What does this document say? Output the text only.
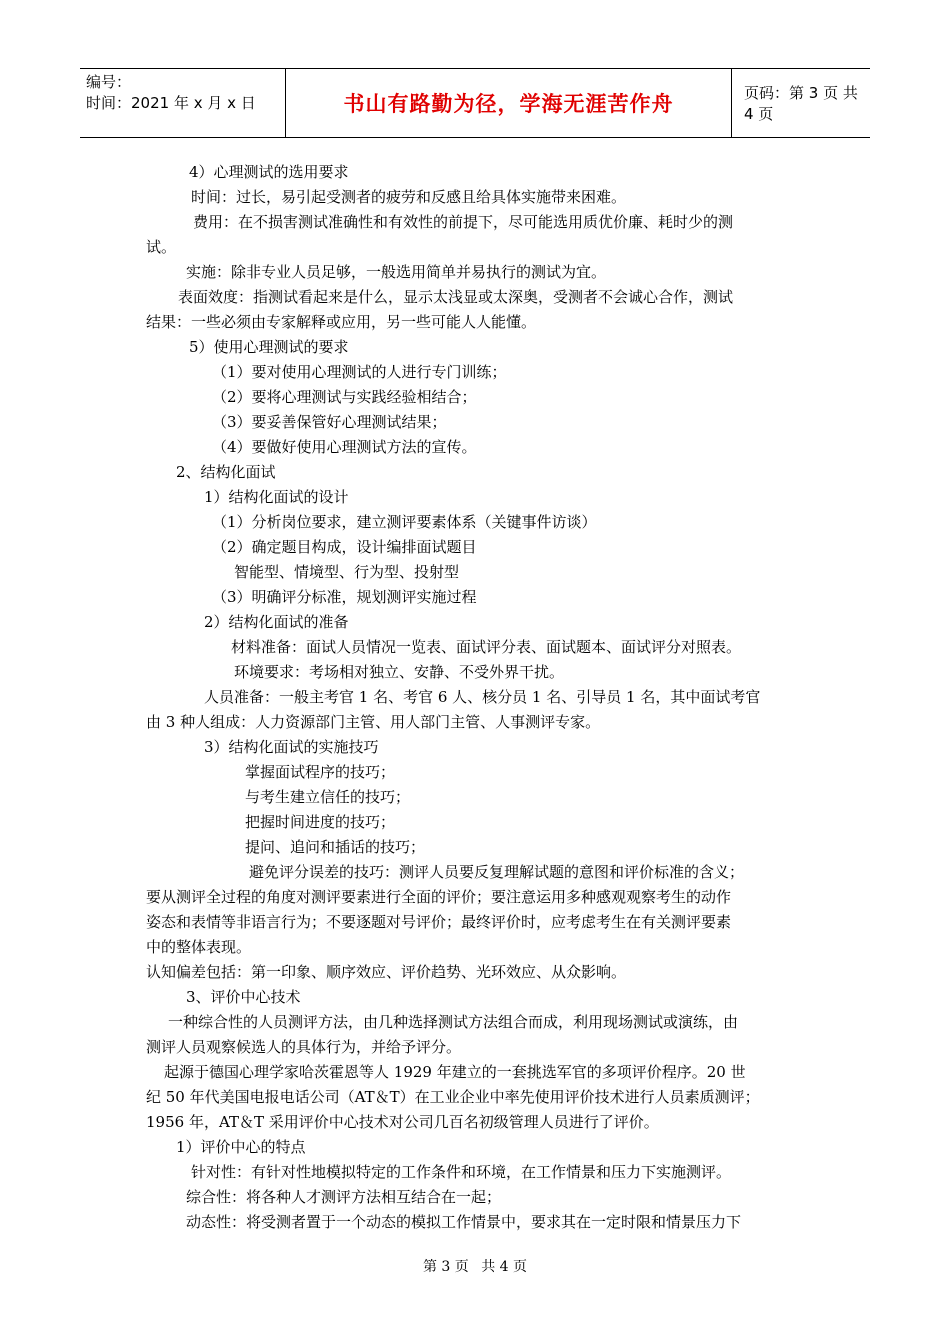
编号：
时间：2021 年 x 月 x 日	书山有路勤为径，学海无涯苦作舟	页码：第 3 页 共 4 页
4）心理测试的选用要求
时间：过长，易引起受测者的疲劳和反感且给具体实施带来困难。
费用：在不损害测试准确性和有效性的前提下，尽可能选用质优价廉、耗时少的测
试。
实施：除非专业人员足够，一般选用简单并易执行的测试为宜。
表面效度：指测试看起来是什么，显示太浅显或太深奥，受测者不会诚心合作，测试
结果：一些必须由专家解释或应用，另一些可能人人能懂。
5）使用心理测试的要求
（1）要对使用心理测试的人进行专门训练；
（2）要将心理测试与实践经验相结合；
（3）要妥善保管好心理测试结果；
（4）要做好使用心理测试方法的宣传。
2、结构化面试
1）结构化面试的设计
（1）分析岗位要求，建立测评要素体系（关键事件访谈）
（2）确定题目构成，设计编排面试题目
智能型、情境型、行为型、投射型
（3）明确评分标准，规划测评实施过程
2）结构化面试的准备
材料准备：面试人员情况一览表、面试评分表、面试题本、面试评分对照表。
环境要求：考场相对独立、安静、不受外界干扰。
人员准备：一般主考官 1 名、考官 6 人、核分员 1 名、引导员 1 名，其中面试考官
由 3 种人组成：人力资源部门主管、用人部门主管、人事测评专家。
3）结构化面试的实施技巧
掌握面试程序的技巧；
与考生建立信任的技巧；
把握时间进度的技巧；
提问、追问和插话的技巧；
避免评分误差的技巧：测评人员要反复理解试题的意图和评价标准的含义；
要从测评全过程的角度对测评要素进行全面的评价；要注意运用多种感观观察考生的动作
姿态和表情等非语言行为；不要逐题对号评价；最终评价时，应考虑考生在有关测评要素
中的整体表现。
认知偏差包括：第一印象、顺序效应、评价趋势、光环效应、从众影响。
3、评价中心技术
一种综合性的人员测评方法，由几种选择测试方法组合而成，利用现场测试或演练，由
测评人员观察候选人的具体行为，并给予评分。
起源于德国心理学家哈茨霍恩等人 1929 年建立的一套挑选军官的多项评价程序。20 世
纪 50 年代美国电报电话公司（AT＆T）在工业企业中率先使用评价技术进行人员素质测评；
1956 年，AT＆T 采用评价中心技术对公司几百名初级管理人员进行了评价。
1）评价中心的特点
针对性：有针对性地模拟特定的工作条件和环境，在工作情景和压力下实施测评。
综合性：将各种人才测评方法相互结合在一起；
动态性：将受测者置于一个动态的模拟工作情景中，要求其在一定时限和情景压力下
第 3 页 共 4 页
